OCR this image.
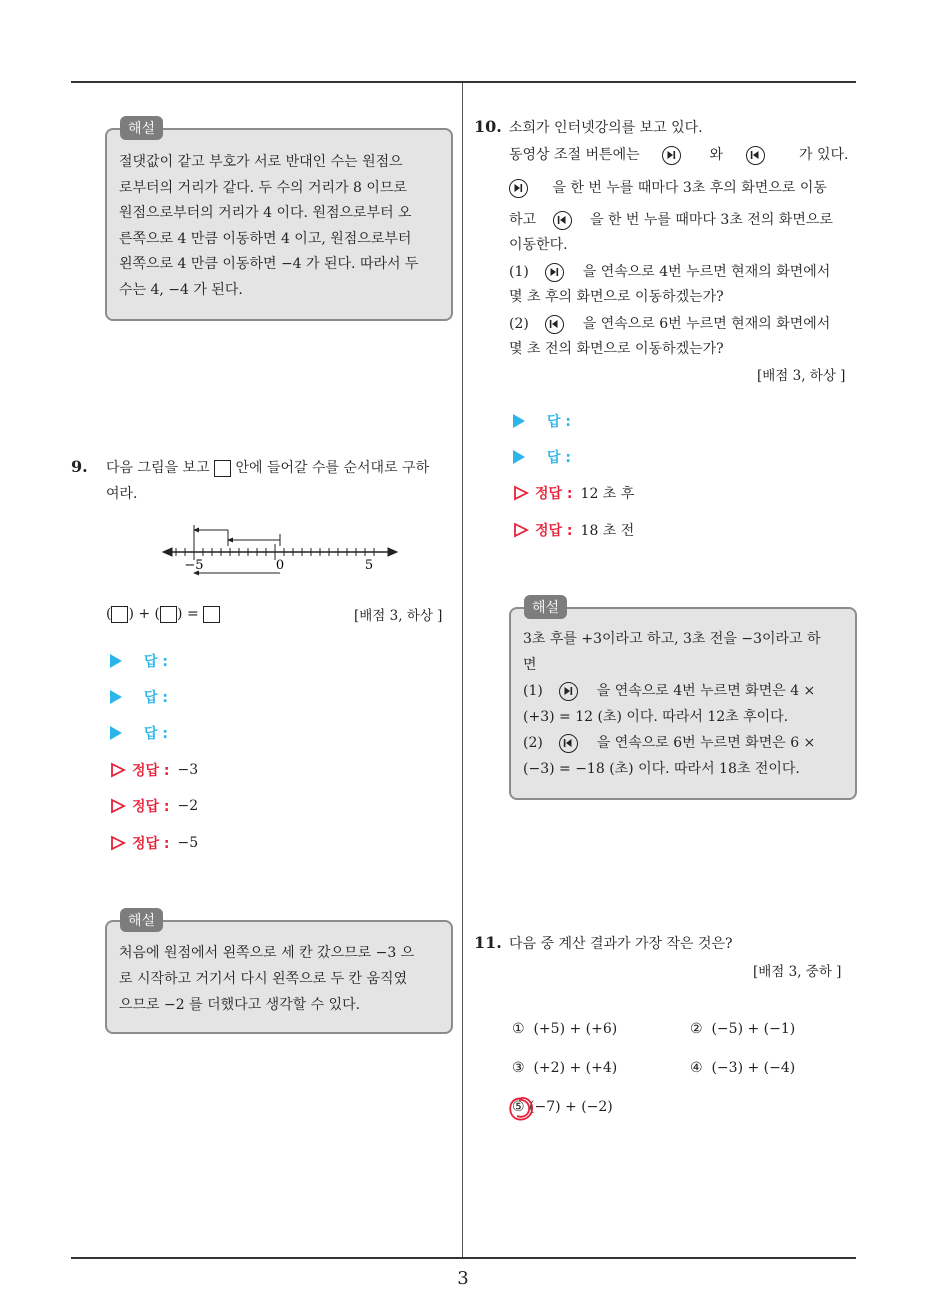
3
절댓값이 같고 부호가 서로 반대인 수는 원점으
로부터의 거리가 같다. 두 수의 거리가 8 이므로
원점으로부터의 거리가 4 이다. 원점으로부터 오
른쪽으로 4 만큼 이동하면 4 이고, 원점으로부터
왼쪽으로 4 만큼 이동하면 −4 가 된다. 따라서 두
수는 4, −4 가 된다.
해설
9. 다음 그림을 보고 안에 들어갈 수를 순서대로 구하
여라.
−5	0	5
( ) + ( ) =	[배점 3, 하상 ]
답 :
답 :
답 :
정답 : −3
정답 : −2
정답 : −5
처음에 원점에서 왼쪽으로 세 칸 갔으므로 −3 으
로 시작하고 거기서 다시 왼쪽으로 두 칸 움직였
으므로 −2 를 더했다고 생각할 수 있다.
해설
10. 소희가 인터넷강의를 보고 있다.
동영상 조절 버튼에는	와	가 있다.
을 한 번 누를 때마다 3초 후의 화면으로 이동
하고	을 한 번 누를 때마다 3초 전의 화면으로
이동한다.
(1)	을 연속으로 4번 누르면 현재의 화면에서
몇 초 후의 화면으로 이동하겠는가?
(2)	을 연속으로 6번 누르면 현재의 화면에서
몇 초 전의 화면으로 이동하겠는가?
[배점 3, 하상 ]
답 :
답 :
정답 : 12 초 후
정답 : 18 초 전
3초 후를 +3이라고 하고, 3초 전을 −3이라고 하
면
(1)	을 연속으로 4번 누르면 화면은 4 ×
(+3) = 12 (초) 이다. 따라서 12초 후이다.
(2)	을 연속으로 6번 누르면 화면은 6 ×
(−3) = −18 (초) 이다. 따라서 18초 전이다.
해설
11. 다음 중 계산 결과가 가장 작은 것은?
[배점 3, 중하 ]
① (+5) + (+6)	② (−5) + (−1)
③ (+2) + (+4)	④ (−3) + (−4)
⑤ (−7) + (−2)
